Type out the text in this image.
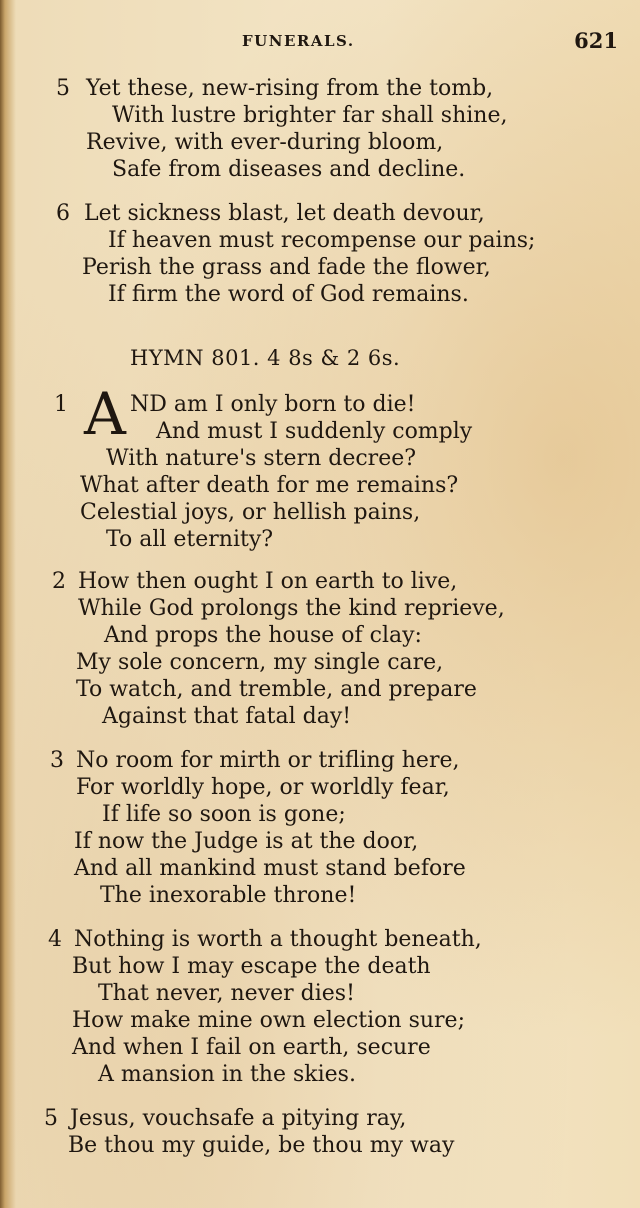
FUNERALS.	621
5 Yet these, new-rising from the tomb,
With lustre brighter far shall shine,
Revive, with ever-during bloom,
Safe from diseases and decline.
6 Let sickness blast, let death devour,
If heaven must recompense our pains;
Perish the grass and fade the flower,
If firm the word of God remains.
HYMN 801. 4 8s & 2 6s.
1 A ND am I only born to die!
And must I suddenly comply
With nature's stern decree?
What after death for me remains?
Celestial joys, or hellish pains,
To all eternity?
2 How then ought I on earth to live,
While God prolongs the kind reprieve,
And props the house of clay:
My sole concern, my single care,
To watch, and tremble, and prepare
Against that fatal day!
3 No room for mirth or trifling here,
For worldly hope, or worldly fear,
If life so soon is gone;
If now the Judge is at the door,
And all mankind must stand before
The inexorable throne!
4 Nothing is worth a thought beneath,
But how I may escape the death
That never, never dies!
How make mine own election sure;
And when I fail on earth, secure
A mansion in the skies.
5 Jesus, vouchsafe a pitying ray,
Be thou my guide, be thou my way
